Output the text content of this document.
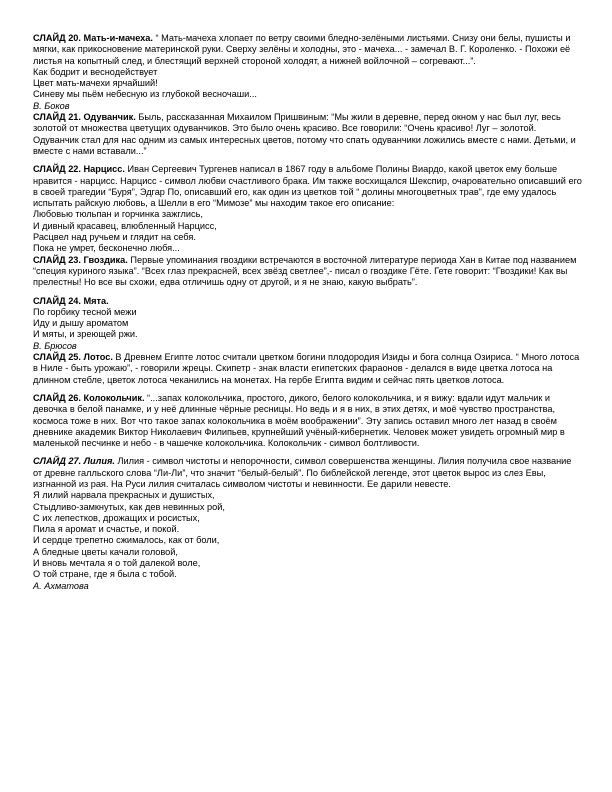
СЛАЙД 20. Мать-и-мачеха. “ Мать-мачеха хлопает по ветру своими бледно-зелёными листьями. Снизу они белы, пушисты и мягки, как прикосновение материнской руки. Сверху зелёны и холодны, это - мачеха... - замечал В. Г. Короленко. - Похожи её листья на копытный след, и блестящий верхней стороной холодят, а нижней войлочной – согревают...”.

Как бодрит и веснодействует
Цвет мать-мачехи ярчайший!
Синеву мы пьём небесную из глубокой весночаши...
В. Боков

СЛАЙД 21. Одуванчик. Быль, рассказанная Михаилом Пришвиным: “Мы жили в деревне, перед окном у нас был луг, весь золотой от множества цветущих одуванчиков. Это было очень красиво. Все говорили: “Очень красиво! Луг – золотой. Одуванчик стал для нас одним из самых интересных цветов, потому что спать одуванчики ложились вместе с нами. Детьми, и вместе с нами вставали...”

СЛАЙД 22. Нарцисс. Иван Сергеевич Тургенев написал в 1867 году в альбоме Полины Виардо, какой цветок ему больше нравится - нарцисс. Нарцисс - символ любви счастливого брака. Им также восхищался Шекспир, очаровательно описавший его в своей трагедии “Буря”, Эдгар По, описавший его, как один из цветков той “ долины многоцветных трав”, где ему удалось испытать райскую любовь, а Шелли в его “Мимозе” мы находим такое его описание:

Любовью тюльпан и горчинка зажглись,
И дивный красавец, влюбленный Нарцисс,
Расцвел над ручьем и глядит на себя.
Пока не умрет, бесконечно любя...

СЛАЙД 23. Гвоздика. Первые упоминания гвоздики встречаются в восточной литературе периода Хан в Китае под названием “специя куриного языка”. “Всех глаз прекрасней, всех звёзд светлее”,- писал о гвоздике Гёте. Гете говорит: “Гвоздики! Как вы прелестны! Но все вы схожи, едва отличишь одну от другой, и я не знаю, какую выбрать”.

СЛАЙД 24. Мята.

По горбику тесной межи
Иду и дышу ароматом
И мяты, и зреющей ржи.
В. Брюсов

СЛАЙД 25. Лотос. В Древнем Египте лотос считали цветком богини плодородия Изиды и бога солнца Озириса. “ Много лотоса в Ниле - быть урожаю”, - говорили жрецы. Скипетр - знак власти египетских фараонов - делался в виде цветка лотоса на длинном стебле, цветок лотоса чеканились на монетах. На гербе Египта видим и сейчас пять цветков лотоса.

СЛАЙД 26. Колокольчик. “...запах колокольчика, простого, дикого, белого колокольчика, и я вижу: вдали идут мальчик и девочка в белой панамке, и у неё длинные чёрные ресницы. Но ведь и я в них, в этих детях, и моё чувство пространства, космоса тоже в них. Вот что такое запах колокольчика в моём воображении”. Эту запись оставил много лет назад в своём дневнике академик Виктор Николаевич Филипьев, крупнейший учёный-кибернетик. Человек может увидеть огромный мир в маленькой песчинке и небо - в чашечке колокольчика. Колокольчик - символ болтливости.

СЛАЙД 27. Лилия. Лилия - символ чистоты и непорочности, символ совершенства женщины. Лилия получила свое название от древне галльского слова “Ли-Ли”, что значит “белый-белый”. По библейской легенде, этот цветок вырос из слез Евы, изгнанной из рая. На Руси лилия считалась символом чистоты и невинности. Ее дарили невесте.

Я лилий нарвала прекрасных и душистых,
Стыдливо-замкнутых, как дев невинных рой,
С их лепестков, дрожащих и росистых,
Пила я аромат и счастье, и покой.
И сердце трепетно сжималось, как от боли,
А бледные цветы качали головой,
И вновь мечтала я о той далекой воле,
О той стране, где я была с тобой.
А. Ахматова
